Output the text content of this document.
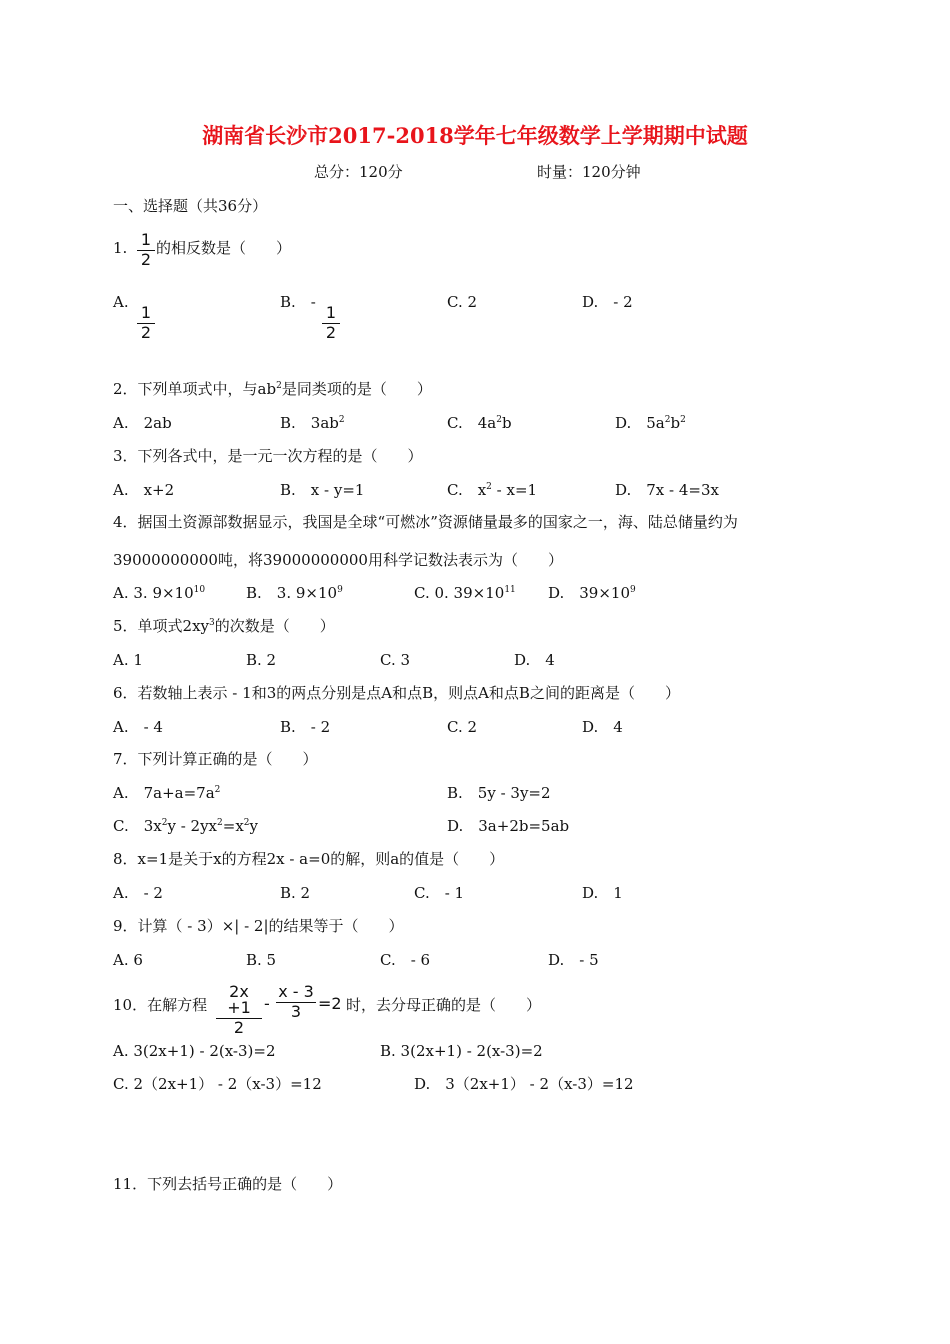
湖南省长沙市2017-2018学年七年级数学上学期期中试题
总分：120分	时量：120分钟
一、选择题（共36分）
1. 1
2
的相反数是（　　）
A.
1
2
B.　-
1
2
C. 2	D.　- 2
2．下列单项式中，与$ab^2$是同类项的是（　　）
A.　2ab	B.　$3ab^2$	C.　$4a^2b$	D.　$5a^2b^2$
3．下列各式中，是一元一次方程的是（　　）
A.　x+2	B.　x - y=1	C.　$x^2 - x=1$	D.　7x - 4=3x
4．据国土资源部数据显示，我国是全球“可燃冰”资源储量最多的国家之一，海、陆总储量约为
39000000000吨，将39000000000用科学记数法表示为（　　）
A. 3. $9\times 10^{10}$	B.　3. $9\times 10^9$	C. 0. $39\times 10^{11}$ D.　$39\times 10^9$
5．单项式$2xy^3$的次数是（　　）
A. 1	B. 2	C. 3	D.　4
6．若数轴上表示 - 1和3的两点分别是点A和点B，则点A和点B之间的距离是（　　）
A.　- 4	B.　- 2	C. 2	D.　4
7．下列计算正确的是（　　）
A.　$7a+a=7a^2$	B.　5y - 3y=2
C.　$3x^2y - 2yx^2=x^2y$	D.　3a+2b=5ab
8．x=1是关于x的方程2x - a=0的解，则a的值是（　　）
A.　- 2	B. 2	C.　- 1	D.　1
9．计算（ - 3）×| - 2|的结果等于（　　）
A. 6	B. 5	C.　- 6	D.　- 5
10．在解方程
2x +1
2
-
x - 3
3	=2 时，去分母正确的是（　　）
A. 3(2x+1) - 2(x-3)=2	B. 3(2x+1) - 2(x-3)=2
C. 2（2x+1） - 2（x-3）=12	D.　3（2x+1） - 2（x-3）=12
11．下列去括号正确的是（　　）
